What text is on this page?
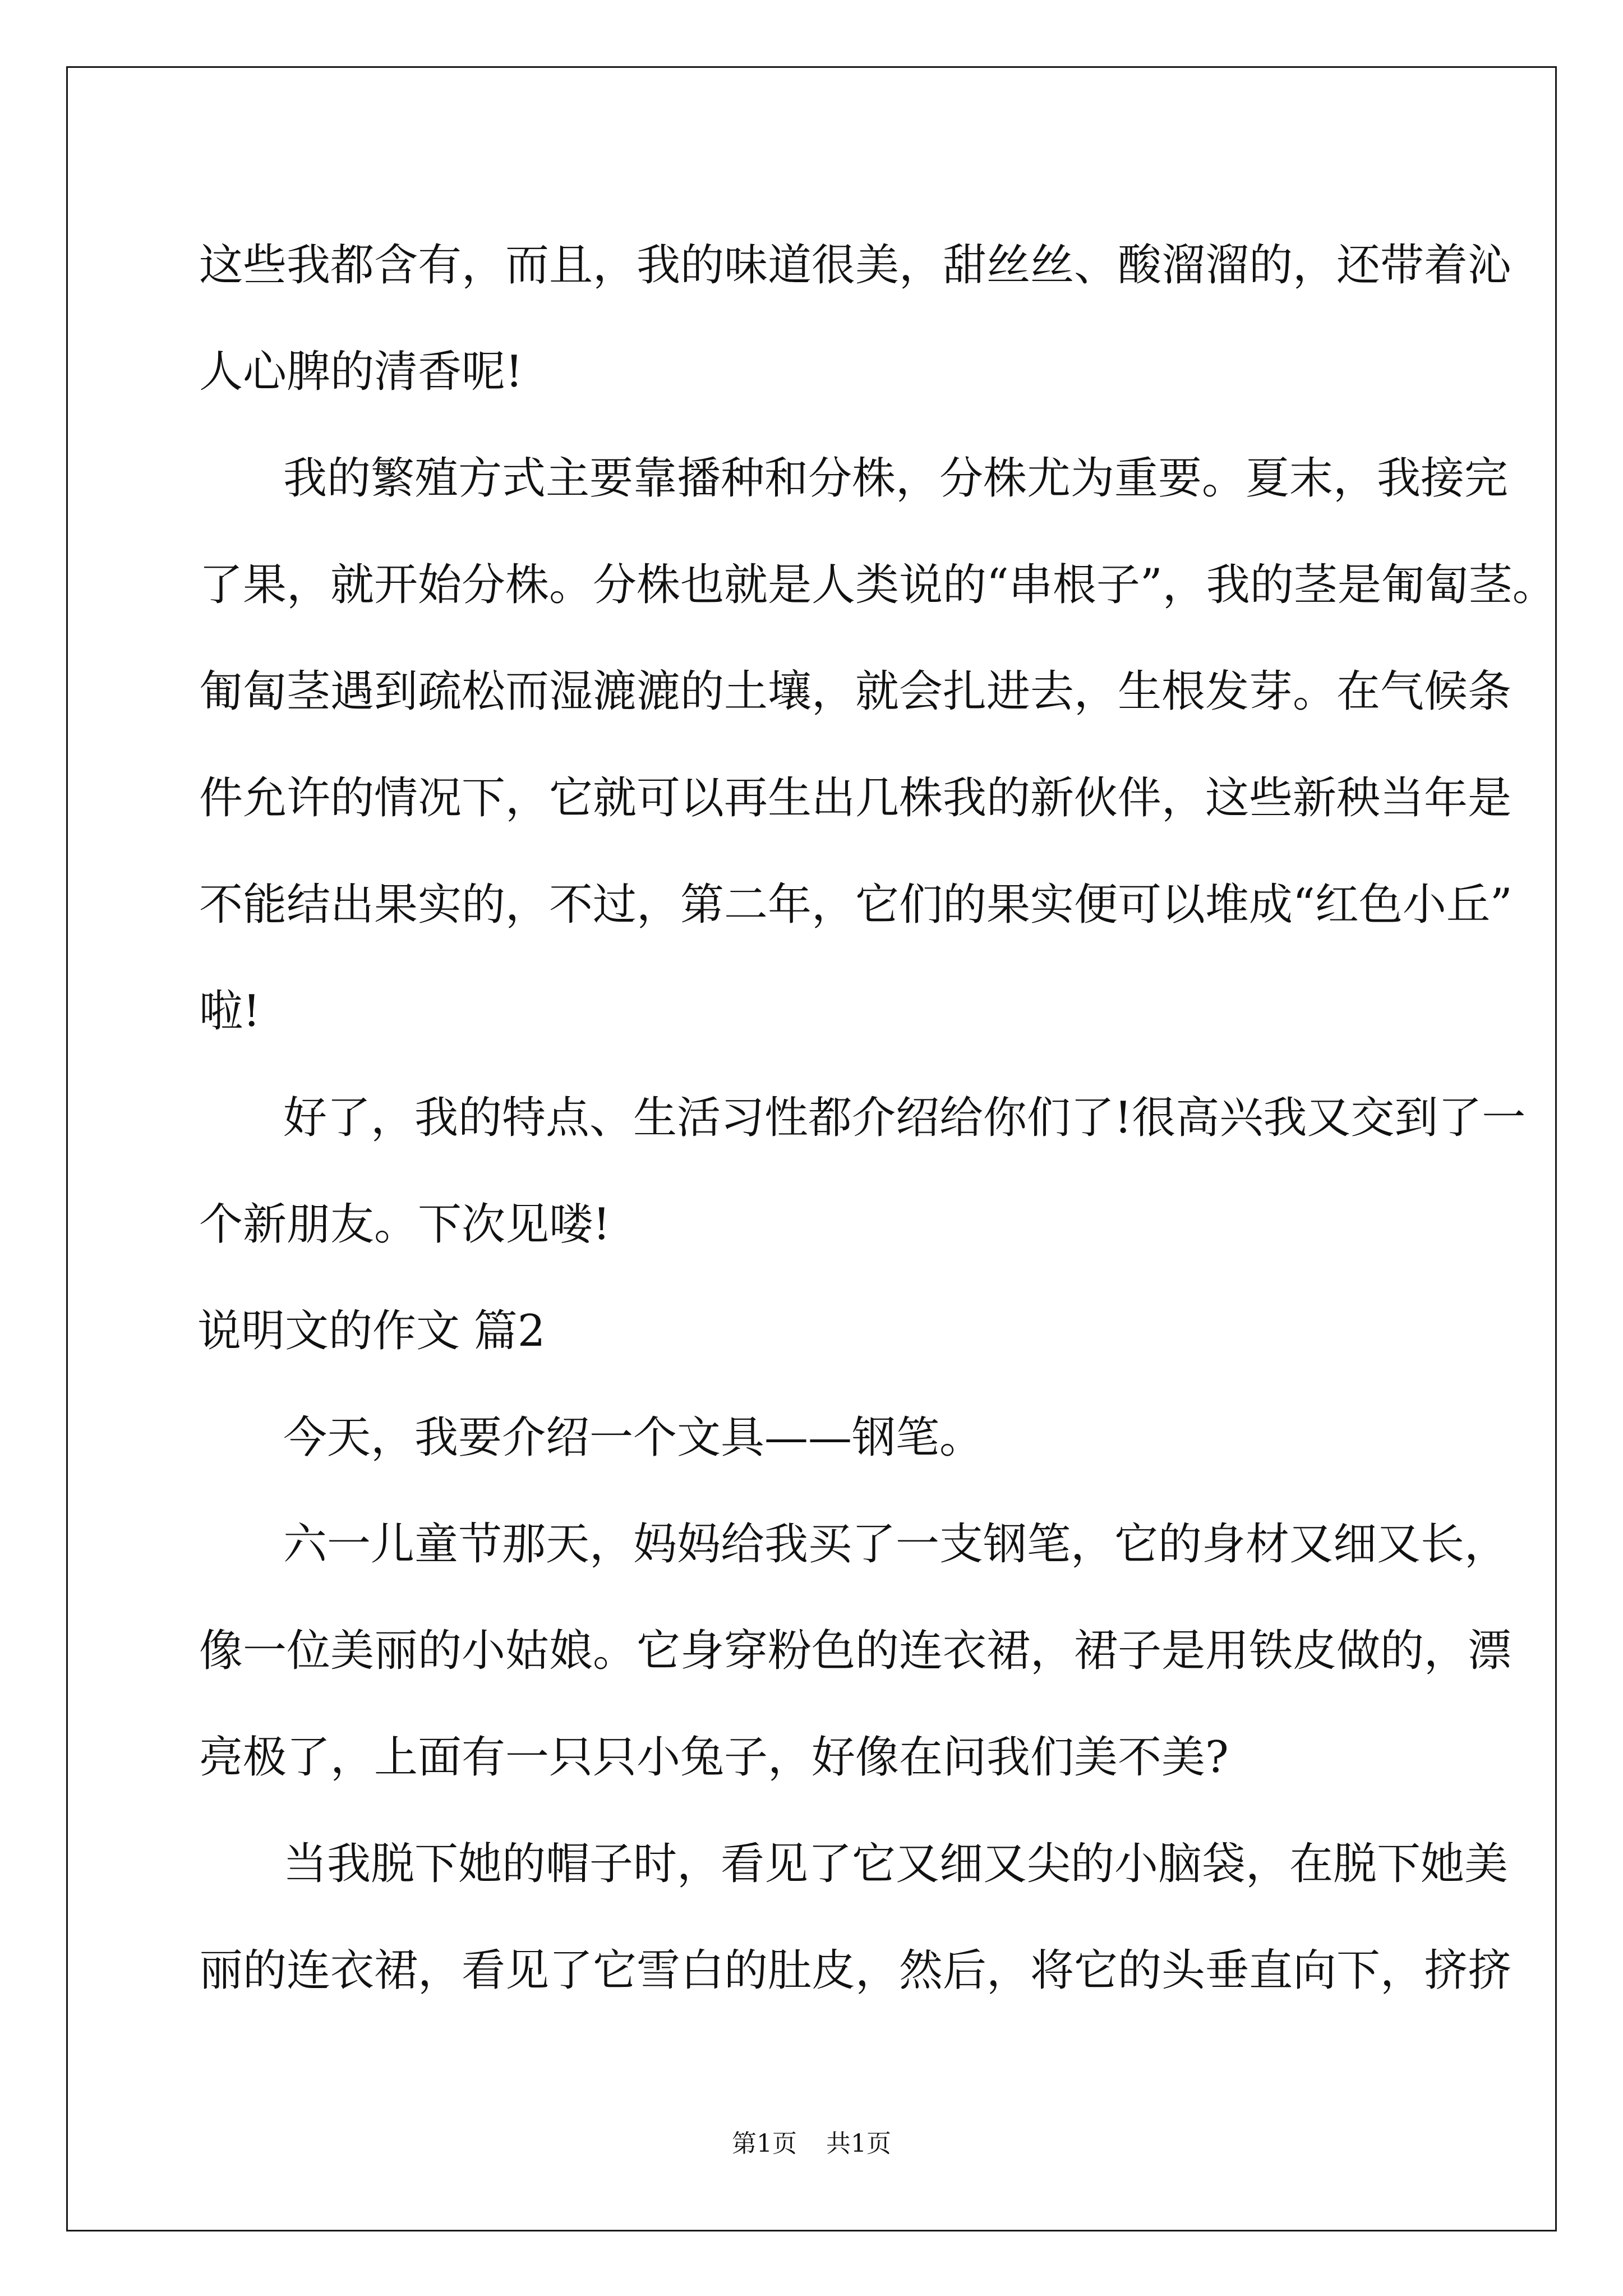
这些我都含有，而且，我的味道很美，甜丝丝、酸溜溜的，还带着沁
人心脾的清香呢!
我的繁殖方式主要靠播种和分株，分株尤为重要。夏末，我接完
了果，就开始分株。分株也就是人类说的“串根子”，我的茎是匍匐茎。
匍匐茎遇到疏松而湿漉漉的土壤，就会扎进去，生根发芽。在气候条
件允许的情况下，它就可以再生出几株我的新伙伴，这些新秧当年是
不能结出果实的，不过，第二年，它们的果实便可以堆成“红色小丘”
啦!
好了，我的特点、生活习性都介绍给你们了!很高兴我又交到了一
个新朋友。下次见喽!
说明文的作文 篇2
今天，我要介绍一个文具——钢笔。
六一儿童节那天，妈妈给我买了一支钢笔，它的身材又细又长，
像一位美丽的小姑娘。它身穿粉色的连衣裙，裙子是用铁皮做的，漂
亮极了，上面有一只只小兔子，好像在问我们美不美?
当我脱下她的帽子时，看见了它又细又尖的小脑袋，在脱下她美
丽的连衣裙，看见了它雪白的肚皮，然后，将它的头垂直向下，挤挤
第1页 共1页
